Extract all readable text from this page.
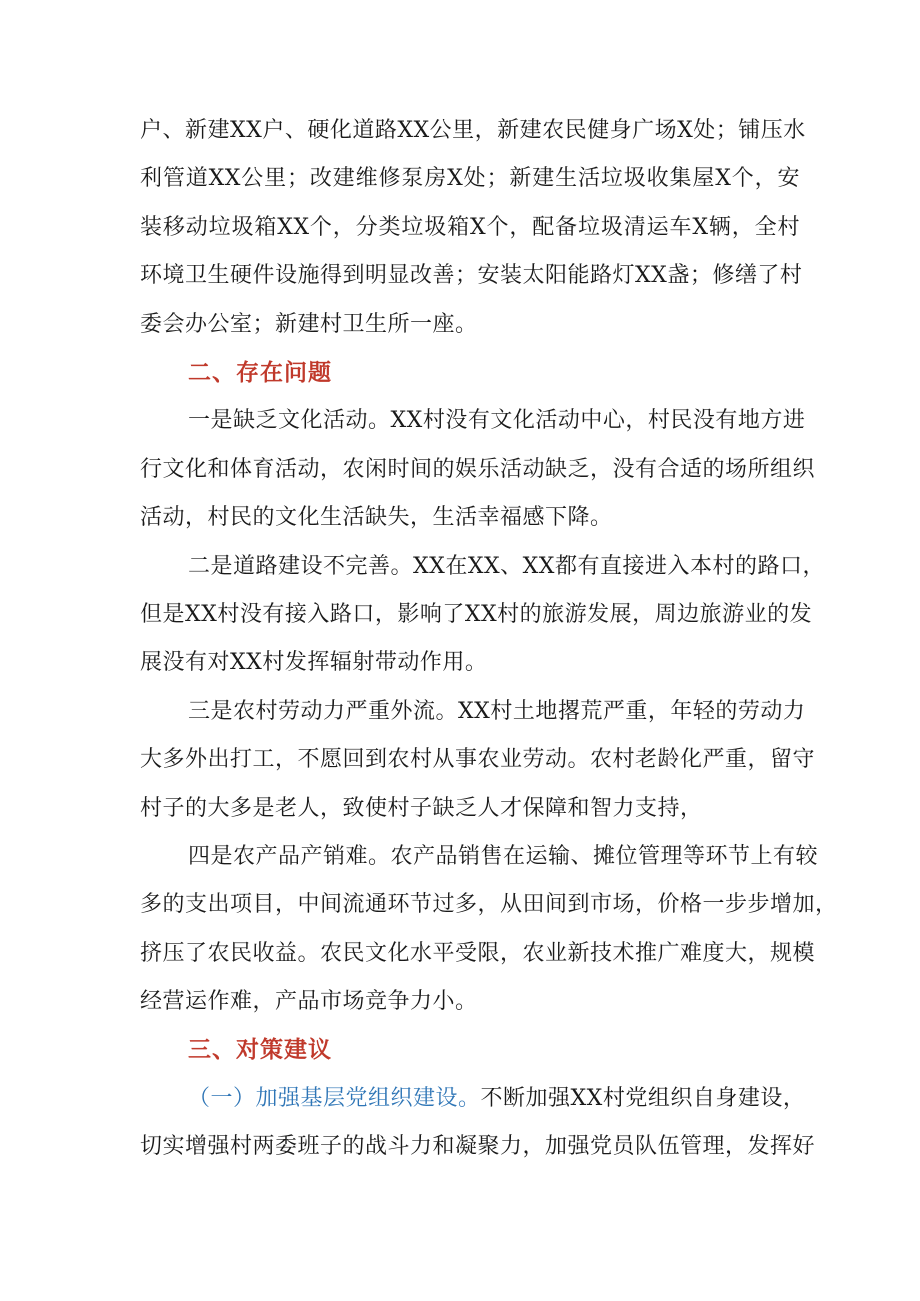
户、新建XX户、硬化道路XX公里，新建农民健身广场X处；铺压水
利管道XX公里；改建维修泵房X处；新建生活垃圾收集屋X个，安
装移动垃圾箱XX个，分类垃圾箱X个，配备垃圾清运车X辆，全村
环境卫生硬件设施得到明显改善；安装太阳能路灯XX盏；修缮了村
委会办公室；新建村卫生所一座。
二、存在问题
一是缺乏文化活动。XX村没有文化活动中心，村民没有地方进
行文化和体育活动，农闲时间的娱乐活动缺乏，没有合适的场所组织
活动，村民的文化生活缺失，生活幸福感下降。
二是道路建设不完善。XX在XX、XX都有直接进入本村的路口，
但是XX村没有接入路口，影响了XX村的旅游发展，周边旅游业的发
展没有对XX村发挥辐射带动作用。
三是农村劳动力严重外流。XX村土地撂荒严重，年轻的劳动力
大多外出打工，不愿回到农村从事农业劳动。农村老龄化严重，留守
村子的大多是老人，致使村子缺乏人才保障和智力支持，
四是农产品产销难。农产品销售在运输、摊位管理等环节上有较
多的支出项目，中间流通环节过多，从田间到市场，价格一步步增加，
挤压了农民收益。农民文化水平受限，农业新技术推广难度大，规模
经营运作难，产品市场竞争力小。
三、对策建议
（一）加强基层党组织建设。不断加强XX村党组织自身建设，
切实增强村两委班子的战斗力和凝聚力，加强党员队伍管理，发挥好
